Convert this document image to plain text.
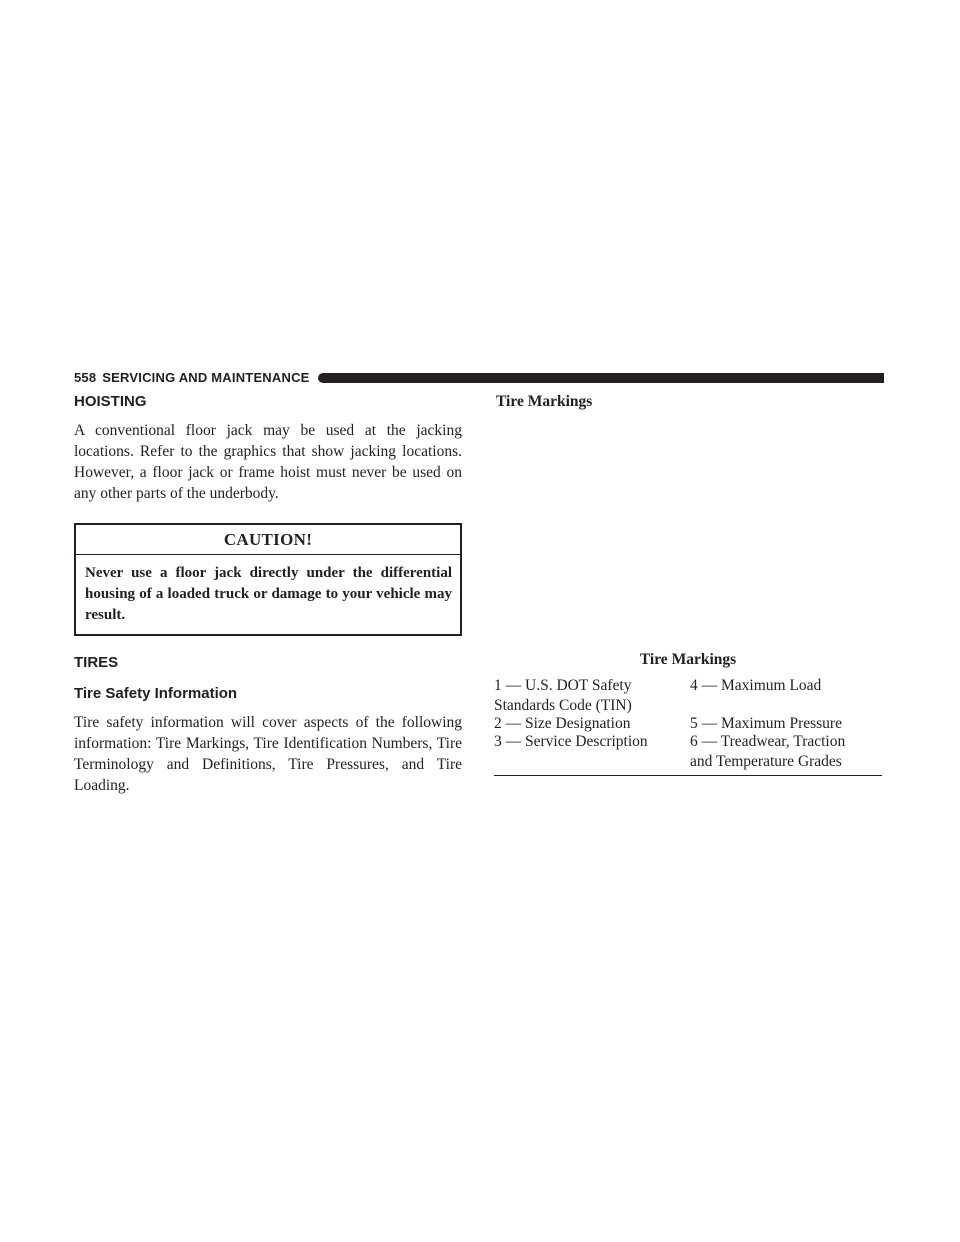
558 SERVICING AND MAINTENANCE
HOISTING

A conventional floor jack may be used at the jacking locations. Refer to the graphics that show jacking locations. However, a floor jack or frame hoist must never be used on any other parts of the underbody.

CAUTION!
Never use a floor jack directly under the differential housing of a loaded truck or damage to your vehicle may result.
TIRES
Tire Safety Information

Tire safety information will cover aspects of the following information: Tire Markings, Tire Identification Numbers, Tire Terminology and Definitions, Tire Pressures, and Tire Loading.

Tire Markings
Tire Markings
1 — U.S. DOT Safety	4 — Maximum Load
Standards Code (TIN)
2 — Size Designation	5 — Maximum Pressure
3 — Service Description	6 — Treadwear, Traction
and Temperature Grades
